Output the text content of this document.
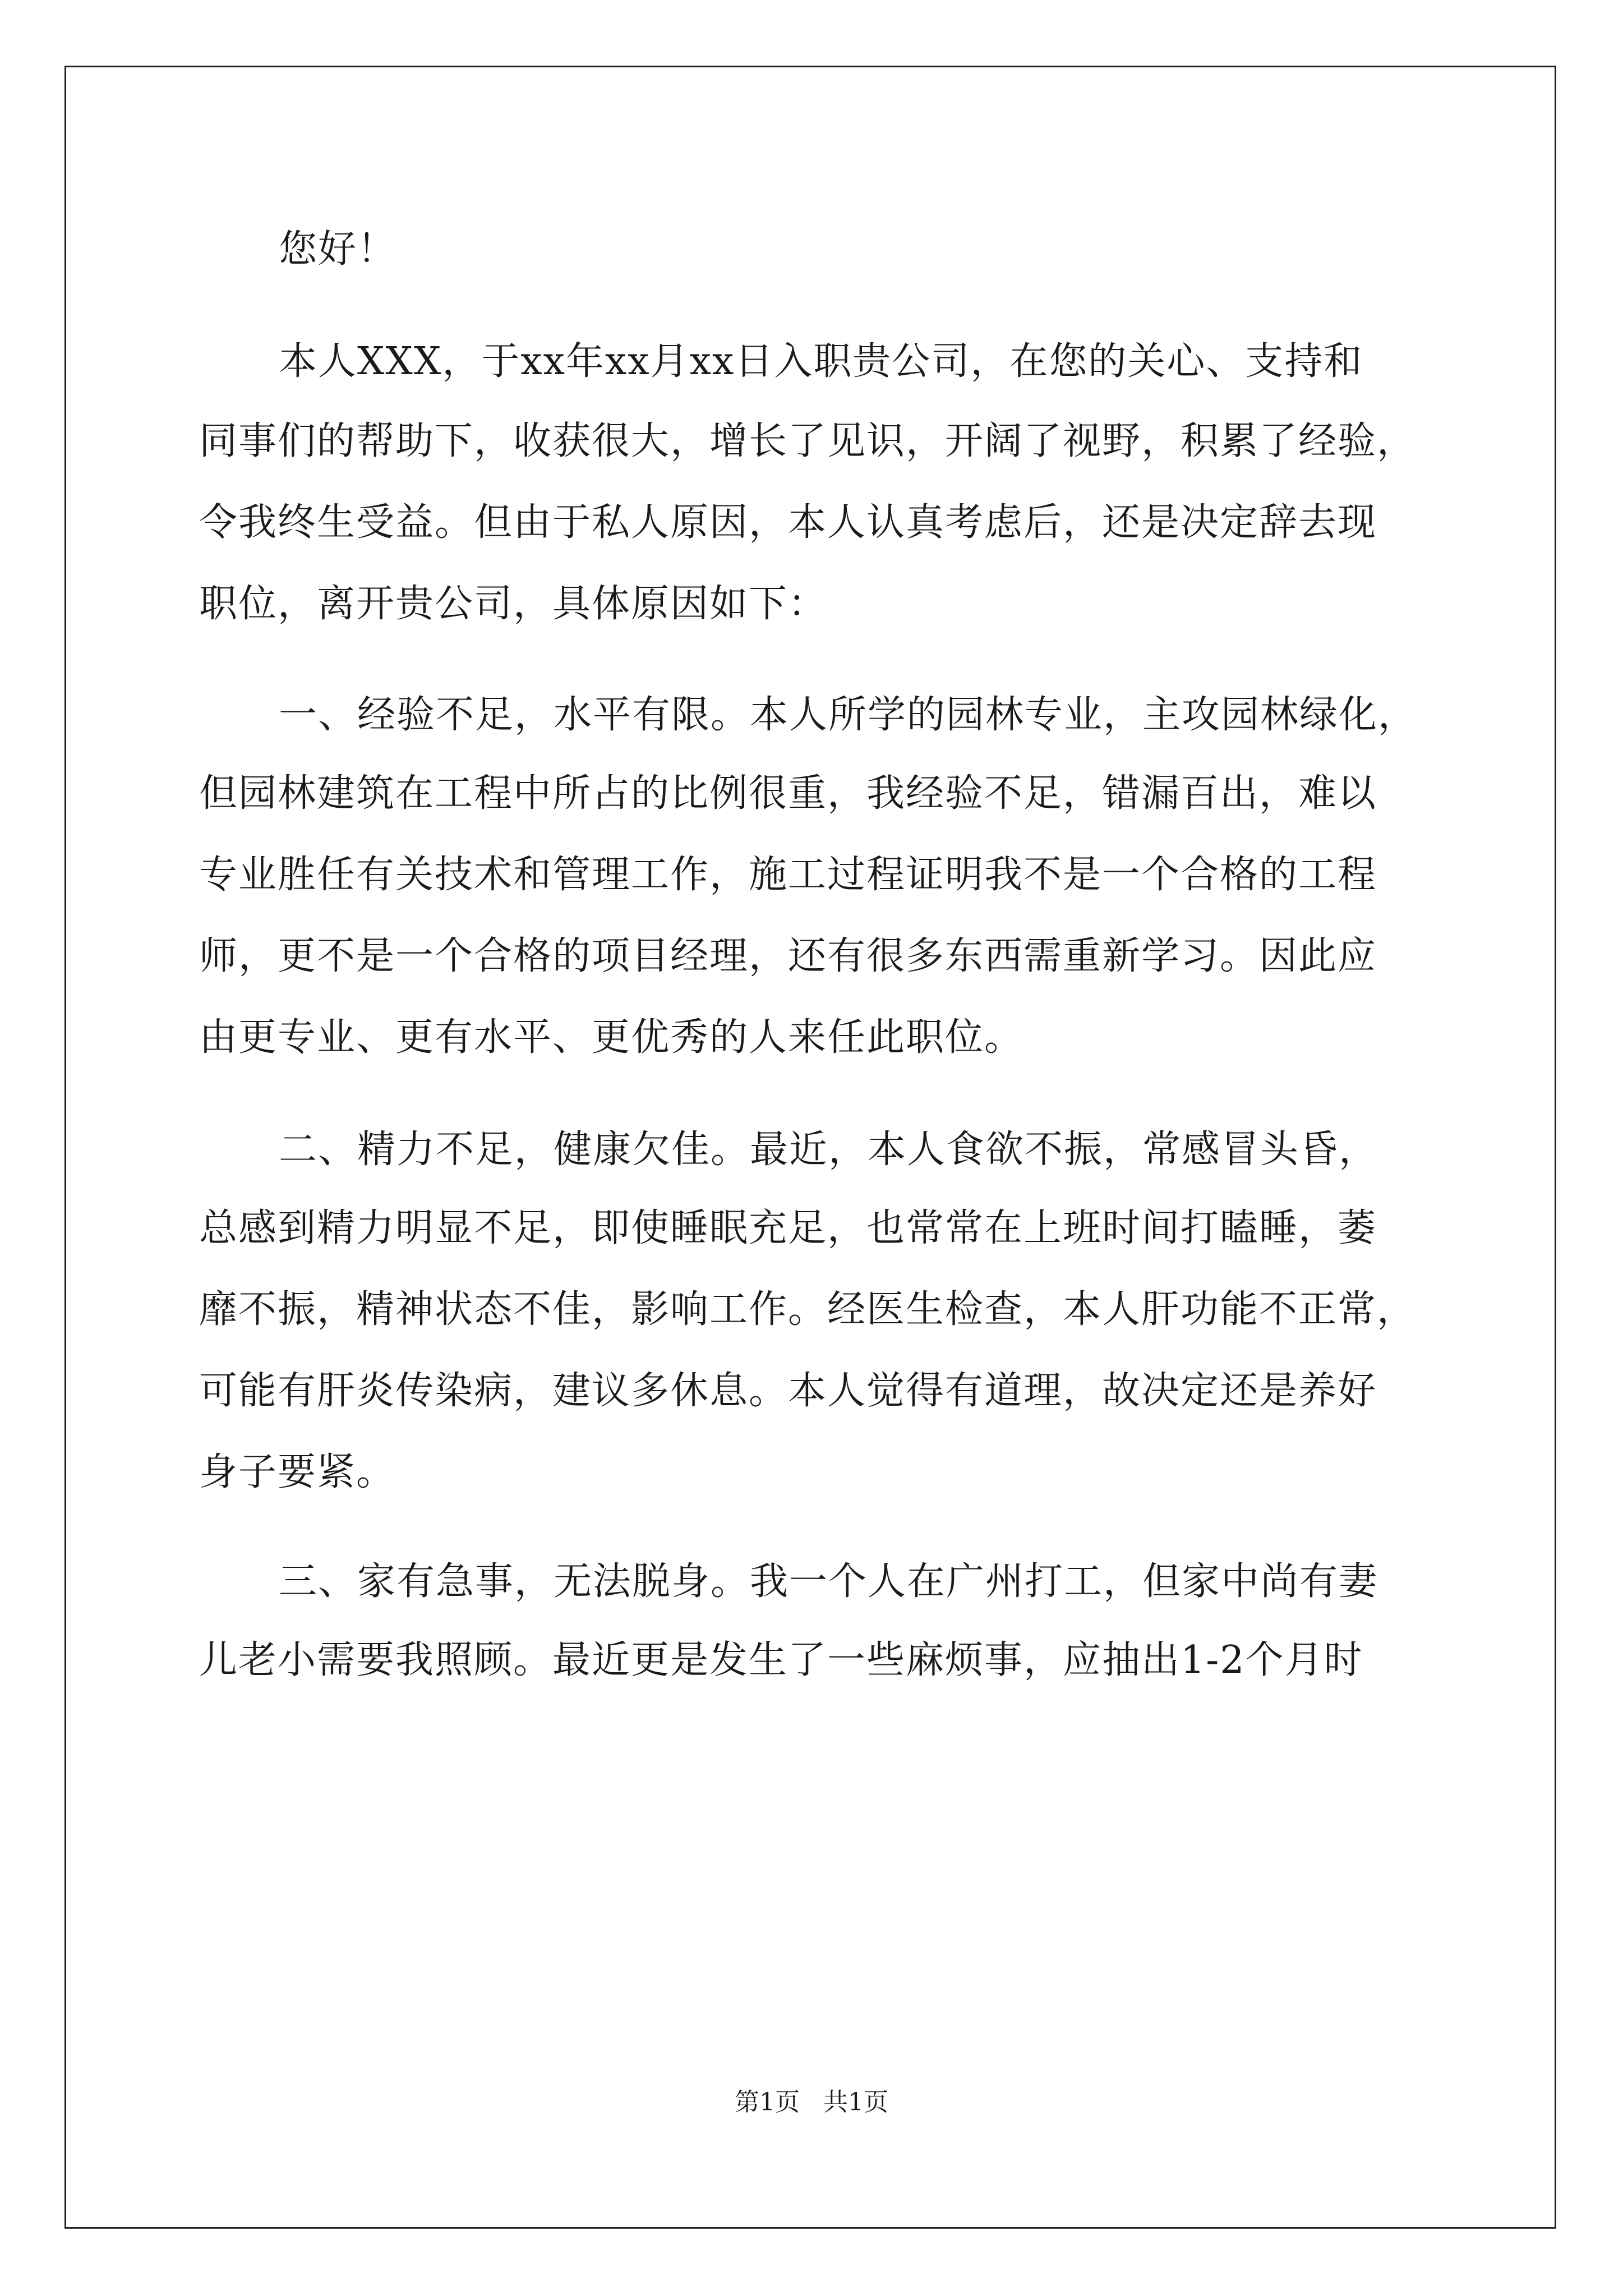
您好！
本人XXX，于xx年xx月xx日入职贵公司，在您的关心、支持和
同事们的帮助下，收获很大，增长了见识，开阔了视野，积累了经验，
令我终生受益。但由于私人原因，本人认真考虑后，还是决定辞去现
职位，离开贵公司，具体原因如下：
一、经验不足，水平有限。本人所学的园林专业，主攻园林绿化，
但园林建筑在工程中所占的比例很重，我经验不足，错漏百出，难以
专业胜任有关技术和管理工作，施工过程证明我不是一个合格的工程
师，更不是一个合格的项目经理，还有很多东西需重新学习。因此应
由更专业、更有水平、更优秀的人来任此职位。
二、精力不足，健康欠佳。最近，本人食欲不振，常感冒头昏，
总感到精力明显不足，即使睡眠充足，也常常在上班时间打瞌睡，萎
靡不振，精神状态不佳，影响工作。经医生检查，本人肝功能不正常，
可能有肝炎传染病，建议多休息。本人觉得有道理，故决定还是养好
身子要紧。
三、家有急事，无法脱身。我一个人在广州打工，但家中尚有妻
儿老小需要我照顾。最近更是发生了一些麻烦事，应抽出1-2个月时
第1页   共1页
